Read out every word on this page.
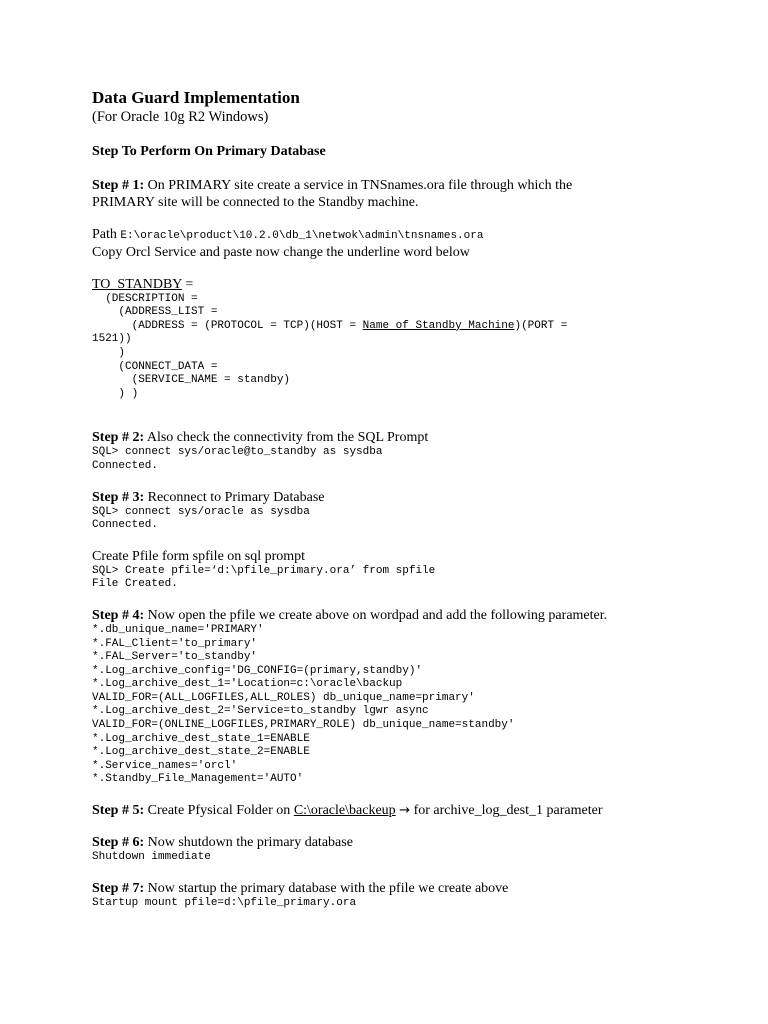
Data Guard Implementation

(For Oracle 10g R2 Windows)

Step To Perform On Primary Database

Step # 1: On PRIMARY site create a service in TNSnames.ora file through which the

PRIMARY site will be connected to the Standby machine.

Path E:\oracle\product\10.2.0\db_1\netwok\admin\tnsnames.ora

Copy Orcl Service and paste now change the underline word below

TO_STANDBY =

(DESCRIPTION =
(ADDRESS_LIST =
(ADDRESS = (PROTOCOL = TCP)(HOST = Name of Standby Machine)(PORT =
1521))
)
(CONNECT_DATA =
(SERVICE_NAME = standby)
) )

Step # 2: Also check the connectivity from the SQL Prompt

SQL> connect sys/oracle@to_standby as sysdba
Connected.

Step # 3: Reconnect to Primary Database

SQL> connect sys/oracle as sysdba
Connected.

Create Pfile form spfile on sql prompt

SQL> Create pfile=‘d:\pfile_primary.ora’ from spfile
File Created.

Step # 4: Now open the pfile we create above on wordpad and add the following parameter.

*.db_unique_name='PRIMARY'
*.FAL_Client='to_primary'
*.FAL_Server='to_standby'
*.Log_archive_config='DG_CONFIG=(primary,standby)'
*.Log_archive_dest_1='Location=c:\oracle\backup
VALID_FOR=(ALL_LOGFILES,ALL_ROLES) db_unique_name=primary'
*.Log_archive_dest_2='Service=to_standby lgwr async
VALID_FOR=(ONLINE_LOGFILES,PRIMARY_ROLE) db_unique_name=standby'
*.Log_archive_dest_state_1=ENABLE
*.Log_archive_dest_state_2=ENABLE
*.Service_names='orcl'
*.Standby_File_Management='AUTO'

Step # 5: Create Pfysical Folder on C:\oracle\backeup → for archive_log_dest_1 parameter

Step # 6: Now shutdown the primary database

Shutdown immediate

Step # 7: Now startup the primary database with the pfile we create above

Startup mount pfile=d:\pfile_primary.ora
